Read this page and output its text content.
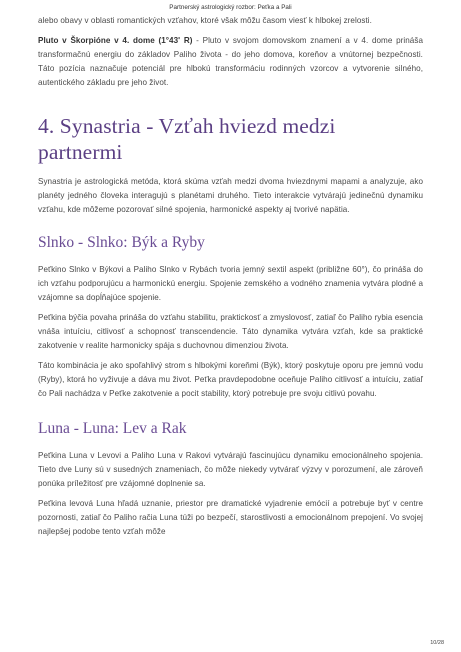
Partnerský astrologický rozbor: Peťka a Pali

alebo obavy v oblasti romantických vzťahov, ktoré však môžu časom viesť k hlbokej zrelosti.

Pluto v Škorpióne v 4. dome (1°43' R) - Pluto v svojom domovskom znamení a v 4. dome prináša transformačnú energiu do základov Paliho života - do jeho domova, koreňov a vnútornej bezpečnosti. Táto pozícia naznačuje potenciál pre hlbokú transformáciu rodinných vzorcov a vytvorenie silného, autentického základu pre jeho život.

4. Synastria - Vzťah hviezd medzi partnermi

Synastria je astrologická metóda, ktorá skúma vzťah medzi dvoma hviezdnymi mapami a analyzuje, ako planéty jedného človeka interagujú s planétami druhého. Tieto interakcie vytvárajú jedinečnú dynamiku vzťahu, kde môžeme pozorovať silné spojenia, harmonické aspekty aj tvorivé napätia.

Slnko - Slnko: Býk a Ryby

Peťkino Slnko v Býkovi a Paliho Slnko v Rybách tvoria jemný sextil aspekt (približne 60°), čo prináša do ich vzťahu podporujúcu a harmonickú energiu. Spojenie zemského a vodného znamenia vytvára plodné a vzájomne sa dopĺňajúce spojenie.

Peťkina býčia povaha prináša do vzťahu stabilitu, praktickosť a zmyslovosť, zatiaľ čo Paliho rybia esencia vnáša intuíciu, citlivosť a schopnosť transcendencie. Táto dynamika vytvára vzťah, kde sa praktické zakotvenie v realite harmonicky spája s duchovnou dimenziou života.

Táto kombinácia je ako spoľahlivý strom s hlbokými koreňmi (Býk), ktorý poskytuje oporu pre jemnú vodu (Ryby), ktorá ho vyživuje a dáva mu život. Peťka pravdepodobne oceňuje Paliho citlivosť a intuíciu, zatiaľ čo Pali nachádza v Peťke zakotvenie a pocit stability, ktorý potrebuje pre svoju citlivú povahu.

Luna - Luna: Lev a Rak

Peťkina Luna v Levovi a Paliho Luna v Rakovi vytvárajú fascinujúcu dynamiku emocionálneho spojenia. Tieto dve Luny sú v susedných znameniach, čo môže niekedy vytvárať výzvy v porozumení, ale zároveň ponúka príležitosť pre vzájomné doplnenie sa.

Peťkina levová Luna hľadá uznanie, priestor pre dramatické vyjadrenie emócií a potrebuje byť v centre pozornosti, zatiaľ čo Paliho račia Luna túži po bezpečí, starostlivosti a emocionálnom prepojení. Vo svojej najlepšej podobe tento vzťah môže

10/28
